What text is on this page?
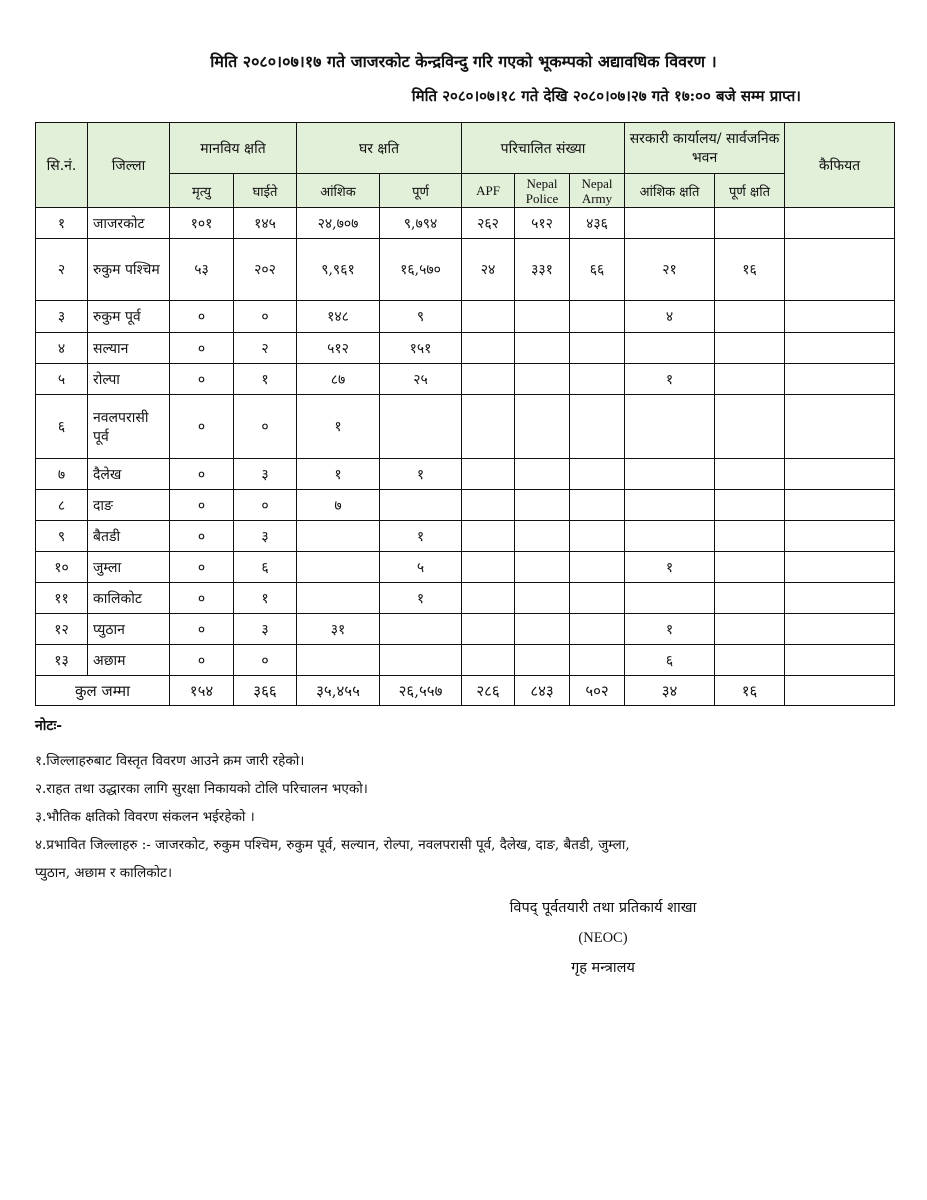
मिति २०८०।०७।१७ गते जाजरकोट केन्द्रविन्दु गरि गएको भूकम्पको अद्यावधिक विवरण ।
मिति २०८०।०७।१८ गते देखि २०८०।०७।२७ गते १७:०० बजे सम्म प्राप्त।
सि.नं.	जिल्ला	मानविय क्षति		घर क्षति		परिचालित संख्या			सरकारी कार्यालय/ सार्वजनिक भवन		कैफियत
		मृत्यु	घाईते	आंशिक	पूर्ण	APF	Nepal Police	Nepal Army	आंशिक क्षति	पूर्ण क्षति	
१	जाजरकोट	१०१	१४५	२४,७०७	९,७९४	२६२	५१२	४३६			
२	रुकुम पश्चिम	५३	२०२	९,९६१	१६,५७०	२४	३३१	६६	२१	१६	
३	रुकुम पूर्व	०	०	१४८	९				४		
४	सल्यान	०	२	५१२	१५१						
५	रोल्पा	०	१	८७	२५				१		
६	नवलपरासी पूर्व	०	०	१							
७	दैलेख	०	३	१	१						
८	दाङ	०	०	७							
९	बैतडी	०	३		१						
१०	जुम्ला	०	६		५				१		
११	कालिकोट	०	१		१						
१२	प्युठान	०	३	३१					१		
१३	अछाम	०	०						६		
कुल जम्मा		१५४	३६६	३५,४५५	२६,५५७	२८६	८४३	५०२	३४	१६	
नोटः-
१.जिल्लाहरुबाट विस्तृत विवरण आउने क्रम जारी रहेको।
२.राहत तथा उद्धारका लागि सुरक्षा निकायको टोलि परिचालन भएको।
३.भौतिक क्षतिको विवरण संकलन भईरहेको ।
४.प्रभावित जिल्लाहरु :- जाजरकोट, रुकुम पश्चिम, रुकुम पूर्व, सल्यान, रोल्पा, नवलपरासी पूर्व, दैलेख, दाङ, बैतडी, जुम्ला,
प्युठान, अछाम र कालिकोट।
विपद् पूर्वतयारी तथा प्रतिकार्य शाखा
(NEOC)
गृह मन्त्रालय
